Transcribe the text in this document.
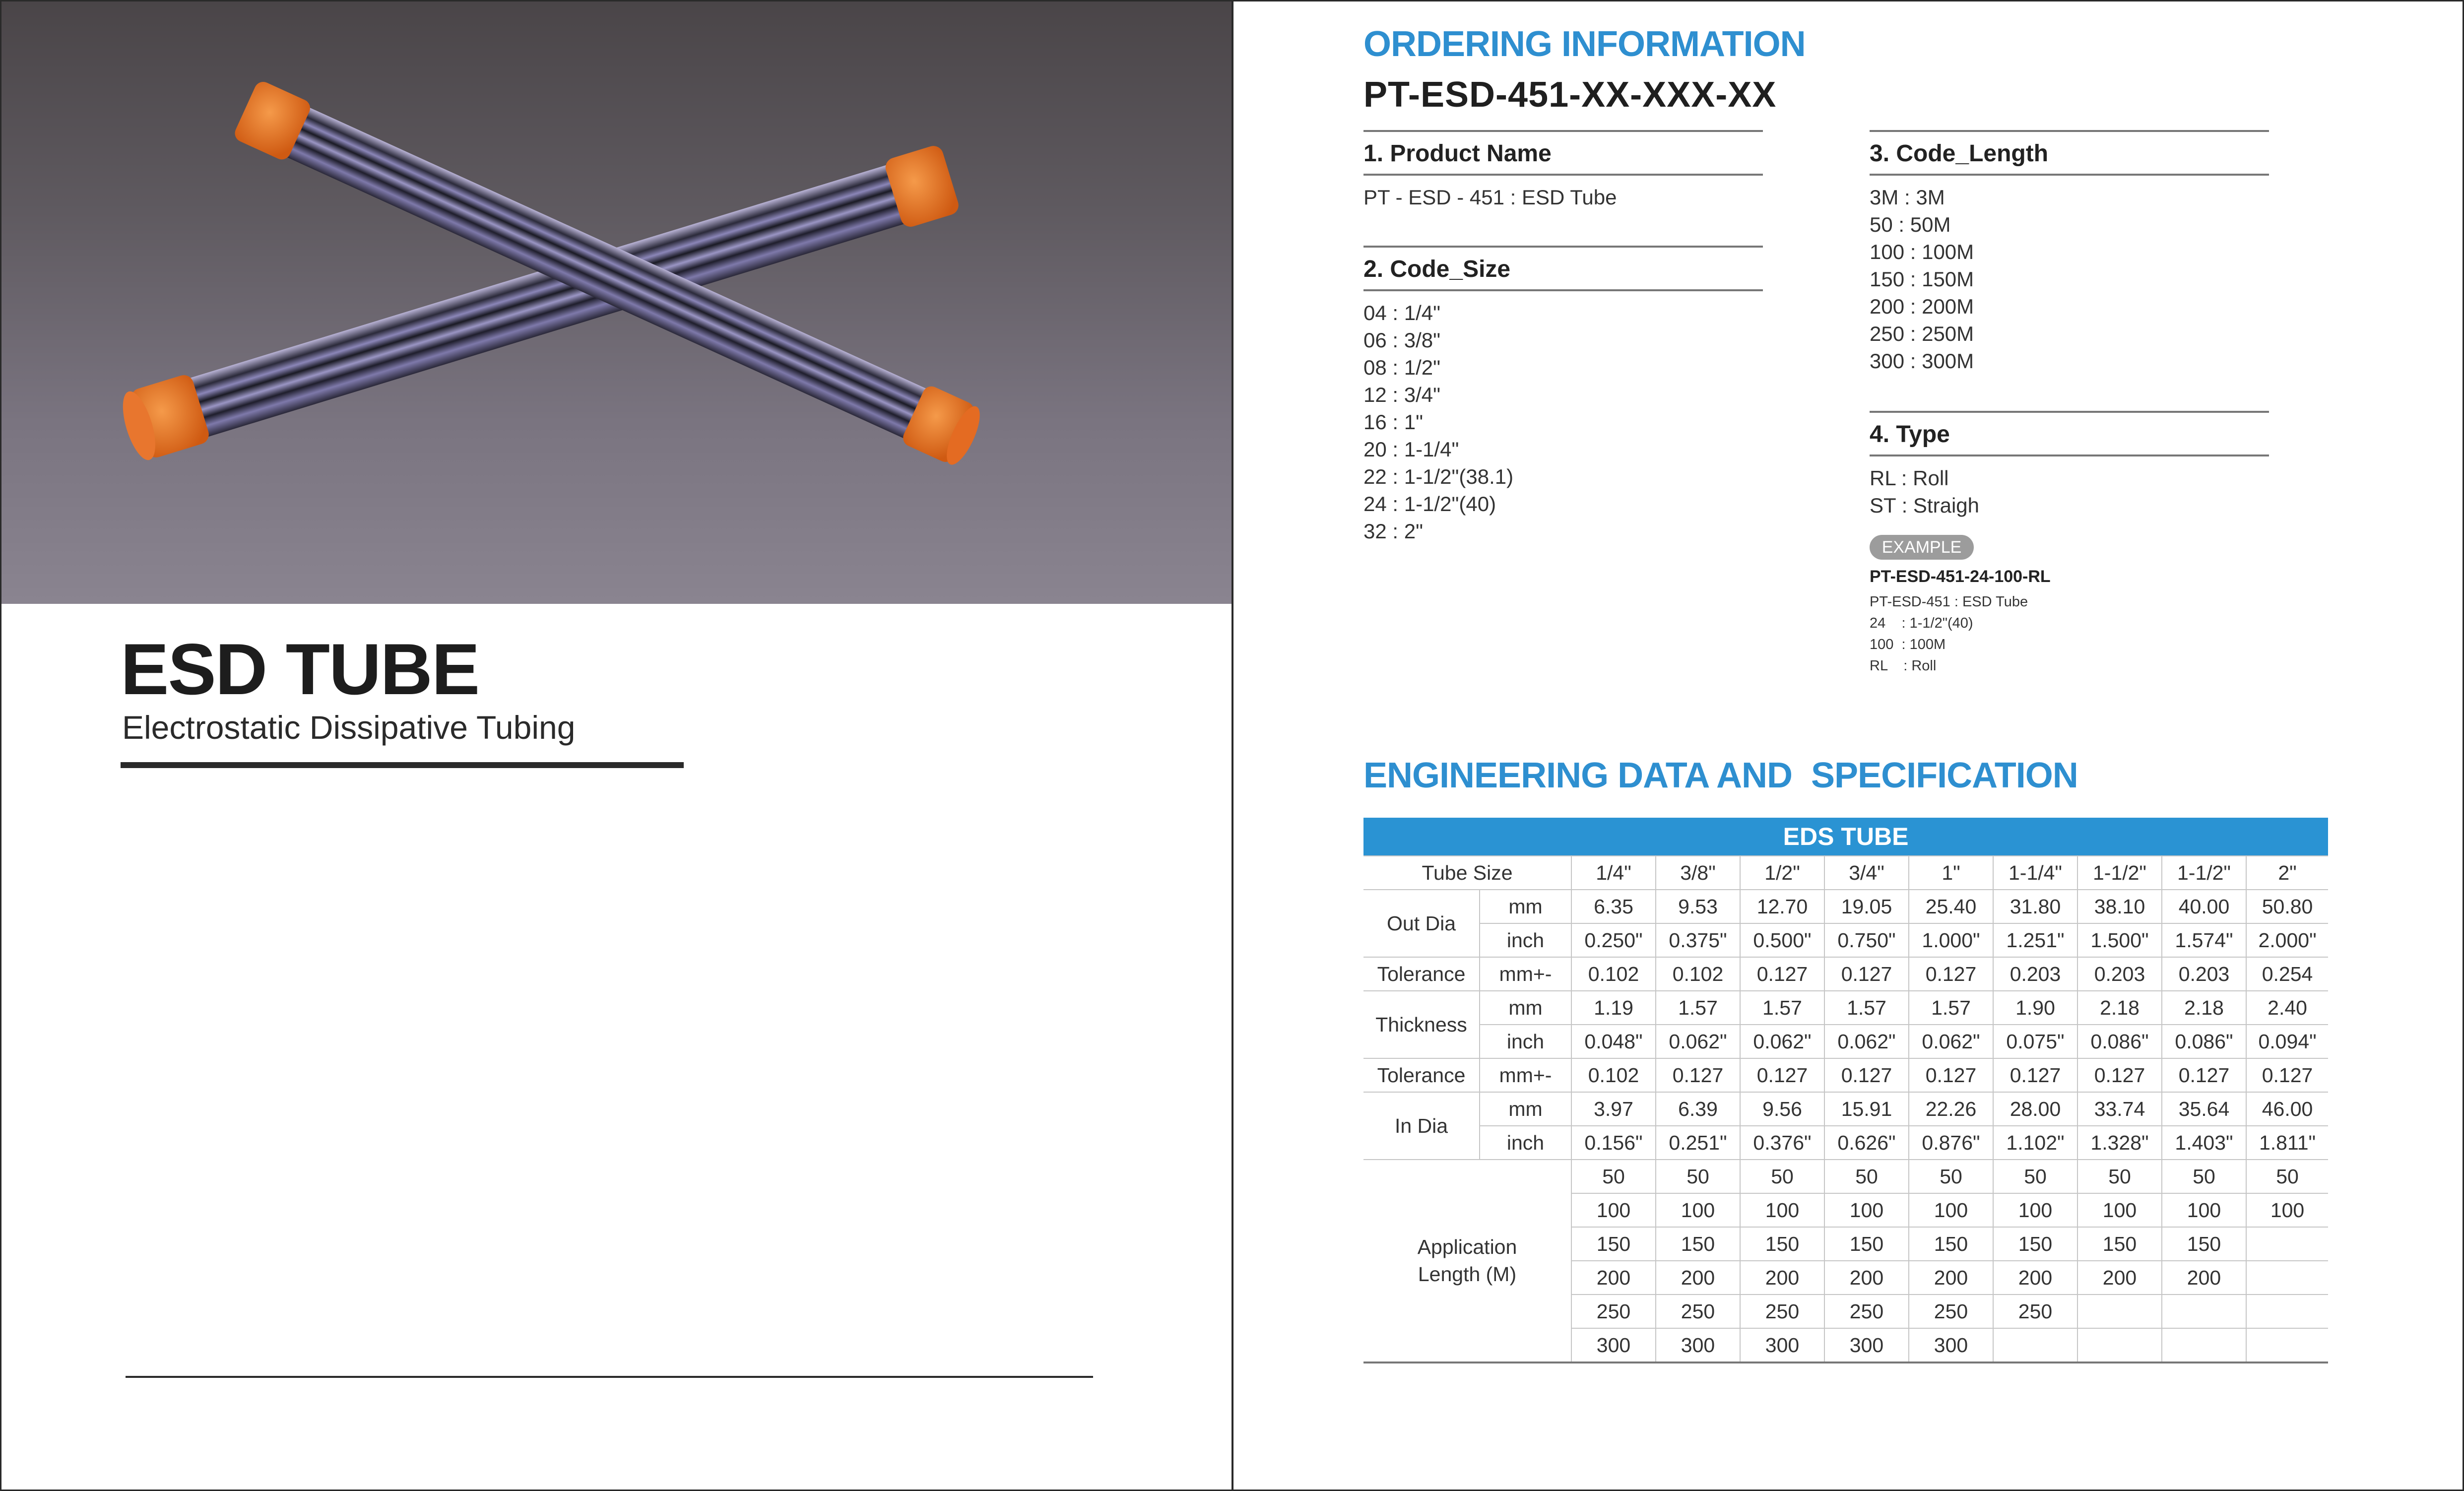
ESD TUBE
Electrostatic Dissipative Tubing
ORDERING INFORMATION
PT-ESD-451-XX-XXX-XX
1. Product Name
PT - ESD - 451 : ESD Tube
2. Code_Size
04 : 1/4"
06 : 3/8"
08 : 1/2"
12 : 3/4"
16 : 1"
20 : 1-1/4"
22 : 1-1/2"(38.1)
24 : 1-1/2"(40)
32 : 2"
3. Code_Length
3M : 3M
50 : 50M
100 : 100M
150 : 150M
200 : 200M
250 : 250M
300 : 300M
4. Type
RL : Roll
ST : Straigh
EXAMPLE
PT-ESD-451-24-100-RL
PT-ESD-451 : ESD Tube
24    : 1-1/2"(40)
100  : 100M
RL    : Roll
ENGINEERING DATA AND  SPECIFICATION
EDS TUBE										
Tube Size		1/4"	3/8"	1/2"	3/4"	1"	1-1/4"	1-1/2"	1-1/2"	2"
Out Dia	mm	6.35	9.53	12.70	19.05	25.40	31.80	38.10	40.00	50.80
	inch	0.250"	0.375"	0.500"	0.750"	1.000"	1.251"	1.500"	1.574"	2.000"
Tolerance	mm+-	0.102	0.102	0.127	0.127	0.127	0.203	0.203	0.203	0.254
Thickness	mm	1.19	1.57	1.57	1.57	1.57	1.90	2.18	2.18	2.40
	inch	0.048"	0.062"	0.062"	0.062"	0.062"	0.075"	0.086"	0.086"	0.094"
Tolerance	mm+-	0.102	0.127	0.127	0.127	0.127	0.127	0.127	0.127	0.127
In Dia	mm	3.97	6.39	9.56	15.91	22.26	28.00	33.74	35.64	46.00
	inch	0.156"	0.251"	0.376"	0.626"	0.876"	1.102"	1.328"	1.403"	1.811"

Application
Length (M)		50	50	50	50	50	50	50	50	50
		100	100	100	100	100	100	100	100	100
		150	150	150	150	150	150	150	150	
		200	200	200	200	200	200	200	200	
		250	250	250	250	250	250			
		300	300	300	300	300				
